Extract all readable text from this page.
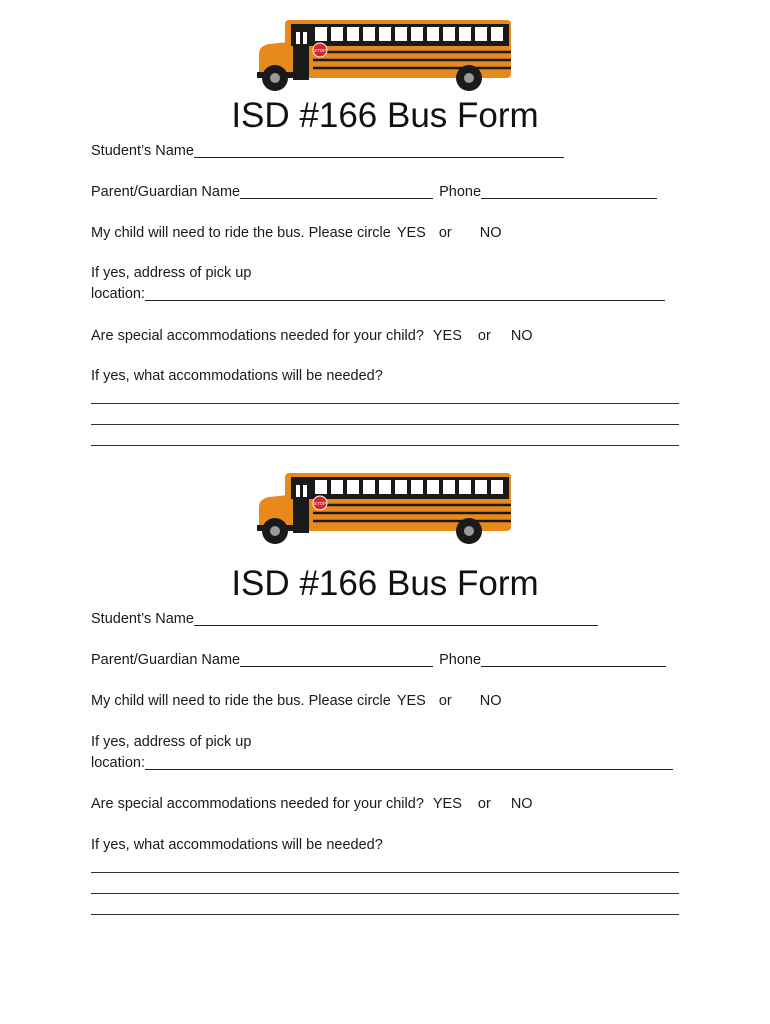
STOP
ISD #166 Bus Form
Student’s Name
Parent/Guardian Name	Phone
My child will need to ride the bus. Please circle YES or NO
If yes, address of pick up
location:
Are special accommodations needed for your child? YES or NO
If yes, what accommodations will be needed?
STOP
ISD #166 Bus Form
Student’s Name
Parent/Guardian Name	Phone
My child will need to ride the bus. Please circle YES or NO
If yes, address of pick up
location:
Are special accommodations needed for your child? YES or NO
If yes, what accommodations will be needed?
